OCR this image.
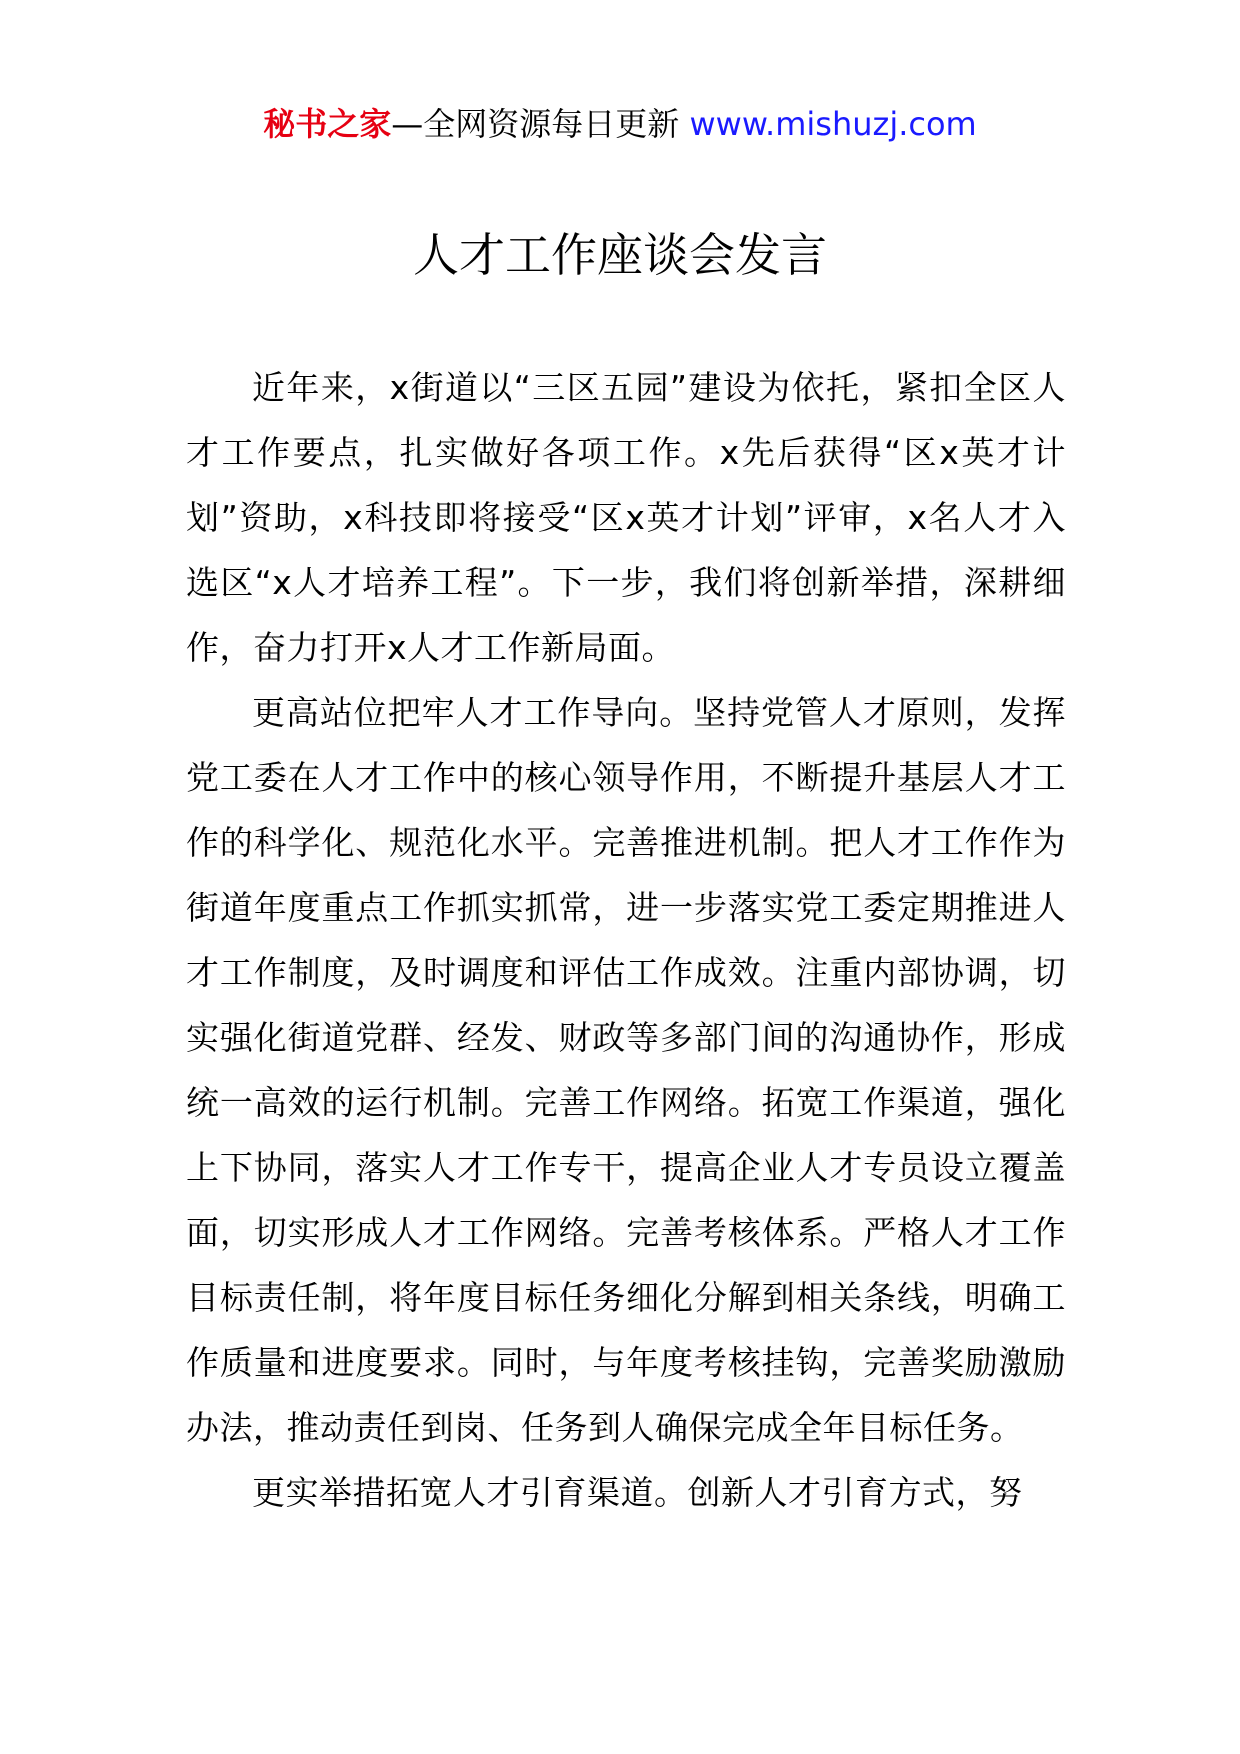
秘书之家—全网资源每日更新 www.mishuzj.com
人才工作座谈会发言

近年来，x街道以“三区五园”建设为依托，紧扣全区人才工作要点，扎实做好各项工作。x先后获得“区x英才计划”资助，x科技即将接受“区x英才计划”评审，x名人才入选区“x人才培养工程”。下一步，我们将创新举措，深耕细作，奋力打开x人才工作新局面。

更高站位把牢人才工作导向。坚持党管人才原则，发挥党工委在人才工作中的核心领导作用，不断提升基层人才工作的科学化、规范化水平。完善推进机制。把人才工作作为街道年度重点工作抓实抓常，进一步落实党工委定期推进人才工作制度，及时调度和评估工作成效。注重内部协调，切实强化街道党群、经发、财政等多部门间的沟通协作，形成统一高效的运行机制。完善工作网络。拓宽工作渠道，强化上下协同，落实人才工作专干，提高企业人才专员设立覆盖面，切实形成人才工作网络。完善考核体系。严格人才工作目标责任制，将年度目标任务细化分解到相关条线，明确工作质量和进度要求。同时，与年度考核挂钩，完善奖励激励办法，推动责任到岗、任务到人确保完成全年目标任务。

更实举措拓宽人才引育渠道。创新人才引育方式，努
